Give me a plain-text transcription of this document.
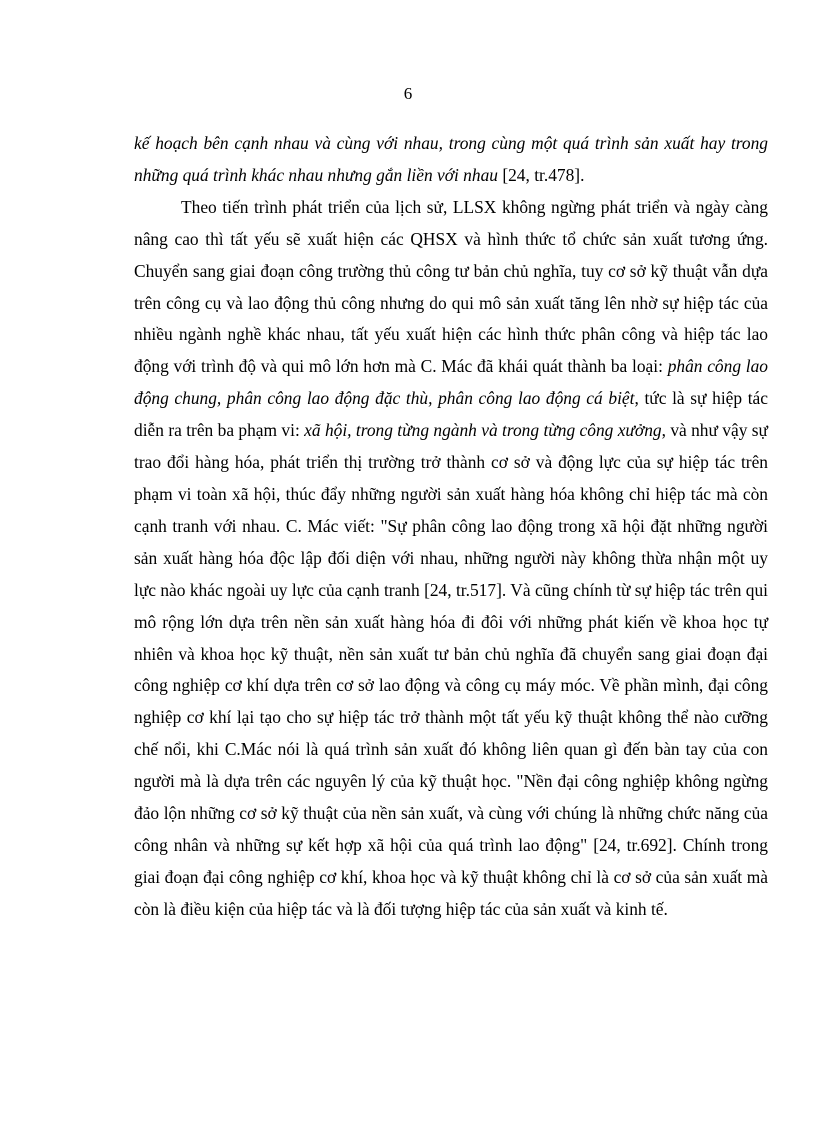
6

kế hoạch bên cạnh nhau và cùng với nhau, trong cùng một quá trình sản xuất hay trong những quá trình khác nhau nhưng gắn liền với nhau [24, tr.478].

Theo tiến trình phát triển của lịch sử, LLSX không ngừng phát triển và ngày càng nâng cao thì tất yếu sẽ xuất hiện các QHSX và hình thức tổ chức sản xuất tương ứng. Chuyển sang giai đoạn công trường thủ công tư bản chủ nghĩa, tuy cơ sở kỹ thuật vẫn dựa trên công cụ và lao động thủ công nhưng do qui mô sản xuất tăng lên nhờ sự hiệp tác của nhiều ngành nghề khác nhau, tất yếu xuất hiện các hình thức phân công và hiệp tác lao động với trình độ và qui mô lớn hơn mà C. Mác đã khái quát thành ba loại: phân công lao động chung, phân công lao động đặc thù, phân công lao động cá biệt, tức là sự hiệp tác diễn ra trên ba phạm vi: xã hội, trong từng ngành và trong từng công xưởng, và như vậy sự trao đổi hàng hóa, phát triển thị trường trở thành cơ sở và động lực của sự hiệp tác trên phạm vi toàn xã hội, thúc đẩy những người sản xuất hàng hóa không chỉ hiệp tác mà còn cạnh tranh với nhau. C. Mác viết: "Sự phân công lao động trong xã hội đặt những người sản xuất hàng hóa độc lập đối diện với nhau, những người này không thừa nhận một uy lực nào khác ngoài uy lực của cạnh tranh [24, tr.517]. Và cũng chính từ sự hiệp tác trên qui mô rộng lớn dựa trên nền sản xuất hàng hóa đi đôi với những phát kiến về khoa học tự nhiên và khoa học kỹ thuật, nền sản xuất tư bản chủ nghĩa đã chuyển sang giai đoạn đại công nghiệp cơ khí dựa trên cơ sở lao động và công cụ máy móc. Về phần mình, đại công nghiệp cơ khí lại tạo cho sự hiệp tác trở thành một tất yếu kỹ thuật không thể nào cưỡng chế nổi, khi C.Mác nói là quá trình sản xuất đó không liên quan gì đến bàn tay của con người mà là dựa trên các nguyên lý của kỹ thuật học. "Nền đại công nghiệp không ngừng đảo lộn những cơ sở kỹ thuật của nền sản xuất, và cùng với chúng là những chức năng của công nhân và những sự kết hợp xã hội của quá trình lao động" [24, tr.692]. Chính trong giai đoạn đại công nghiệp cơ khí, khoa học và kỹ thuật không chỉ là cơ sở của sản xuất mà còn là điều kiện của hiệp tác và là đối tượng hiệp tác của sản xuất và kinh tế.
